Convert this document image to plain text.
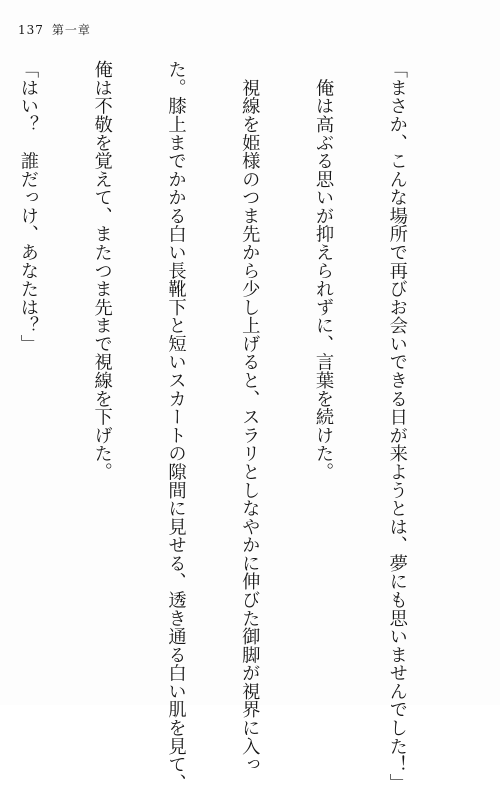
137 第一章

「まさか、こんな場所で再びお会いできる日が来ようとは、夢にも思いませんでした！」

　俺は高ぶる思いが抑えられずに、言葉を続けた。

　視線を姫様のつま先から少し上げると、スラリとしなやかに伸びた御脚が視界に入っ

た。膝上までかかる白い長靴下と短いスカートの隙間に見せる、透き通る白い肌を見て、

俺は不敬を覚えて、またつま先まで視線を下げた。

「はい？　誰だっけ、あなたは？」
